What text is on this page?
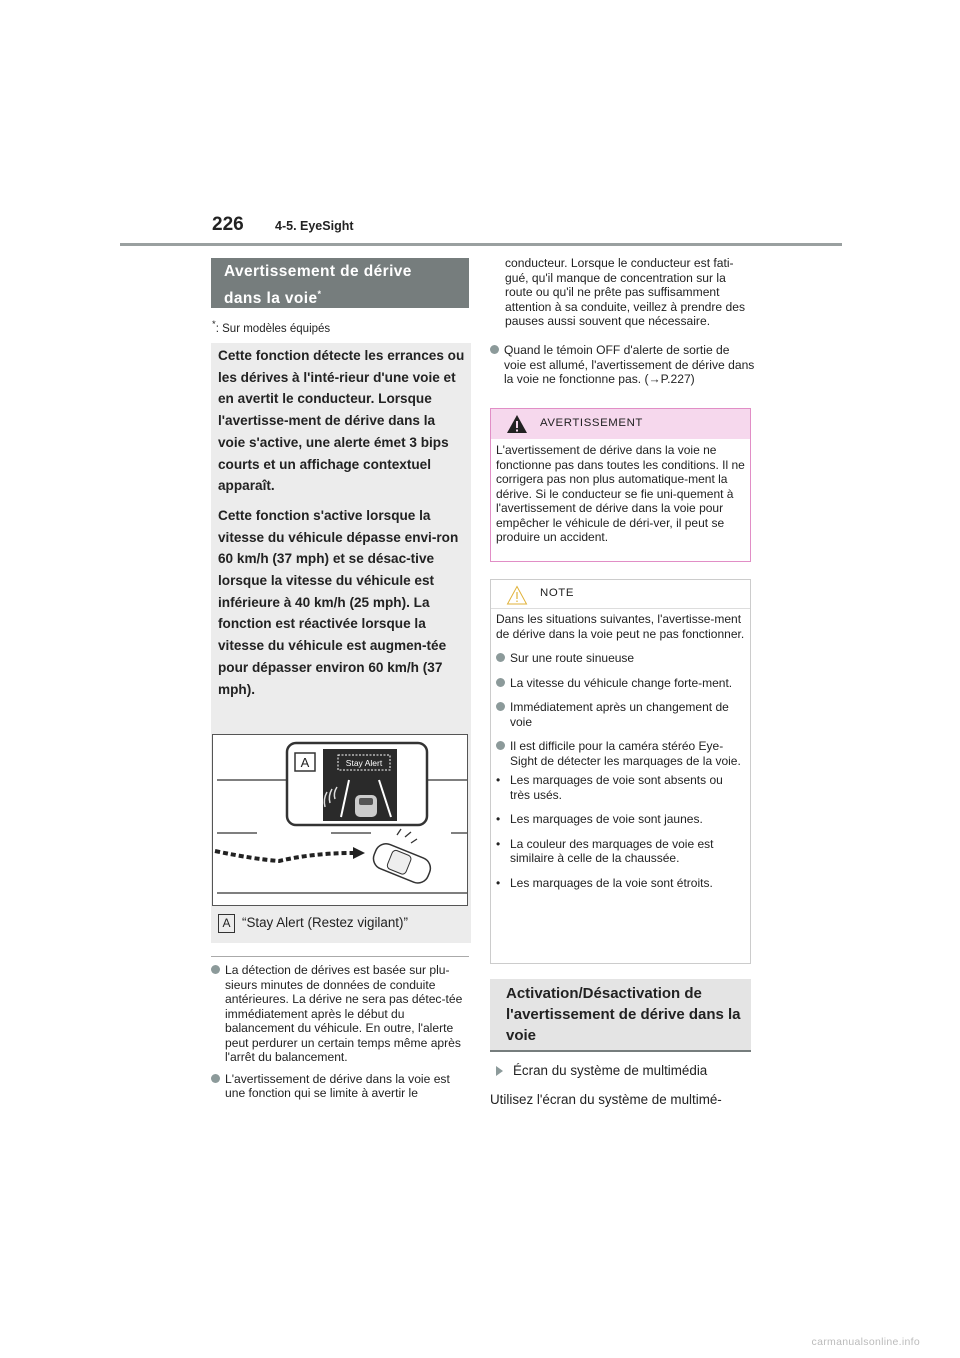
226	4-5. EyeSight
Avertissement de dérive
dans la voie*
*: Sur modèles équipés

Cette fonction détecte les errances ou les dérives à l'inté-rieur d'une voie et en avertit le conducteur. Lorsque l'avertisse-ment de dérive dans la voie s'active, une alerte émet 3 bips courts et un affichage contextuel apparaît.

Cette fonction s'active lorsque la vitesse du véhicule dépasse envi-ron 60 km/h (37 mph) et se désac-tive lorsque la vitesse du véhicule est inférieure à 40 km/h (25 mph). La fonction est réactivée lorsque la vitesse du véhicule est augmen-tée pour dépasser environ 60 km/h (37 mph).

A	Stay Alert
A “Stay Alert (Restez vigilant)”
La détection de dérives est basée sur plu-sieurs minutes de données de conduite antérieures. La dérive ne sera pas détec-tée immédiatement après le début du balancement du véhicule. En outre, l'alerte peut perdurer un certain temps même après l'arrêt du balancement.
L'avertissement de dérive dans la voie est une fonction qui se limite à avertir le
conducteur. Lorsque le conducteur est fati-gué, qu'il manque de concentration sur la route ou qu'il ne prête pas suffisamment attention à sa conduite, veillez à prendre des pauses aussi souvent que nécessaire.
Quand le témoin OFF d'alerte de sortie de voie est allumé, l'avertissement de dérive dans la voie ne fonctionne pas. (→P.227)
AVERTISSEMENT
L'avertissement de dérive dans la voie ne fonctionne pas dans toutes les conditions. Il ne corrigera pas non plus automatique-ment la dérive. Si le conducteur se fie uni-quement à l'avertissement de dérive dans la voie pour empêcher le véhicule de déri-ver, il peut se produire un accident.
NOTE

Dans les situations suivantes, l'avertisse-ment de dérive dans la voie peut ne pas fonctionner.

Sur une route sinueuse
La vitesse du véhicule change forte-ment.
Immédiatement après un changement de voie
Il est difficile pour la caméra stéréo Eye-Sight de détecter les marquages de la voie.
• Les marquages de voie sont absents ou très usés.
• Les marquages de voie sont jaunes.
• La couleur des marquages de voie est similaire à celle de la chaussée.
• Les marquages de la voie sont étroits.
Activation/Désactivation de l'avertissement de dérive dans la voie
Écran du système de multimédia
Utilisez l'écran du système de multimé-
carmanualsonline.info
